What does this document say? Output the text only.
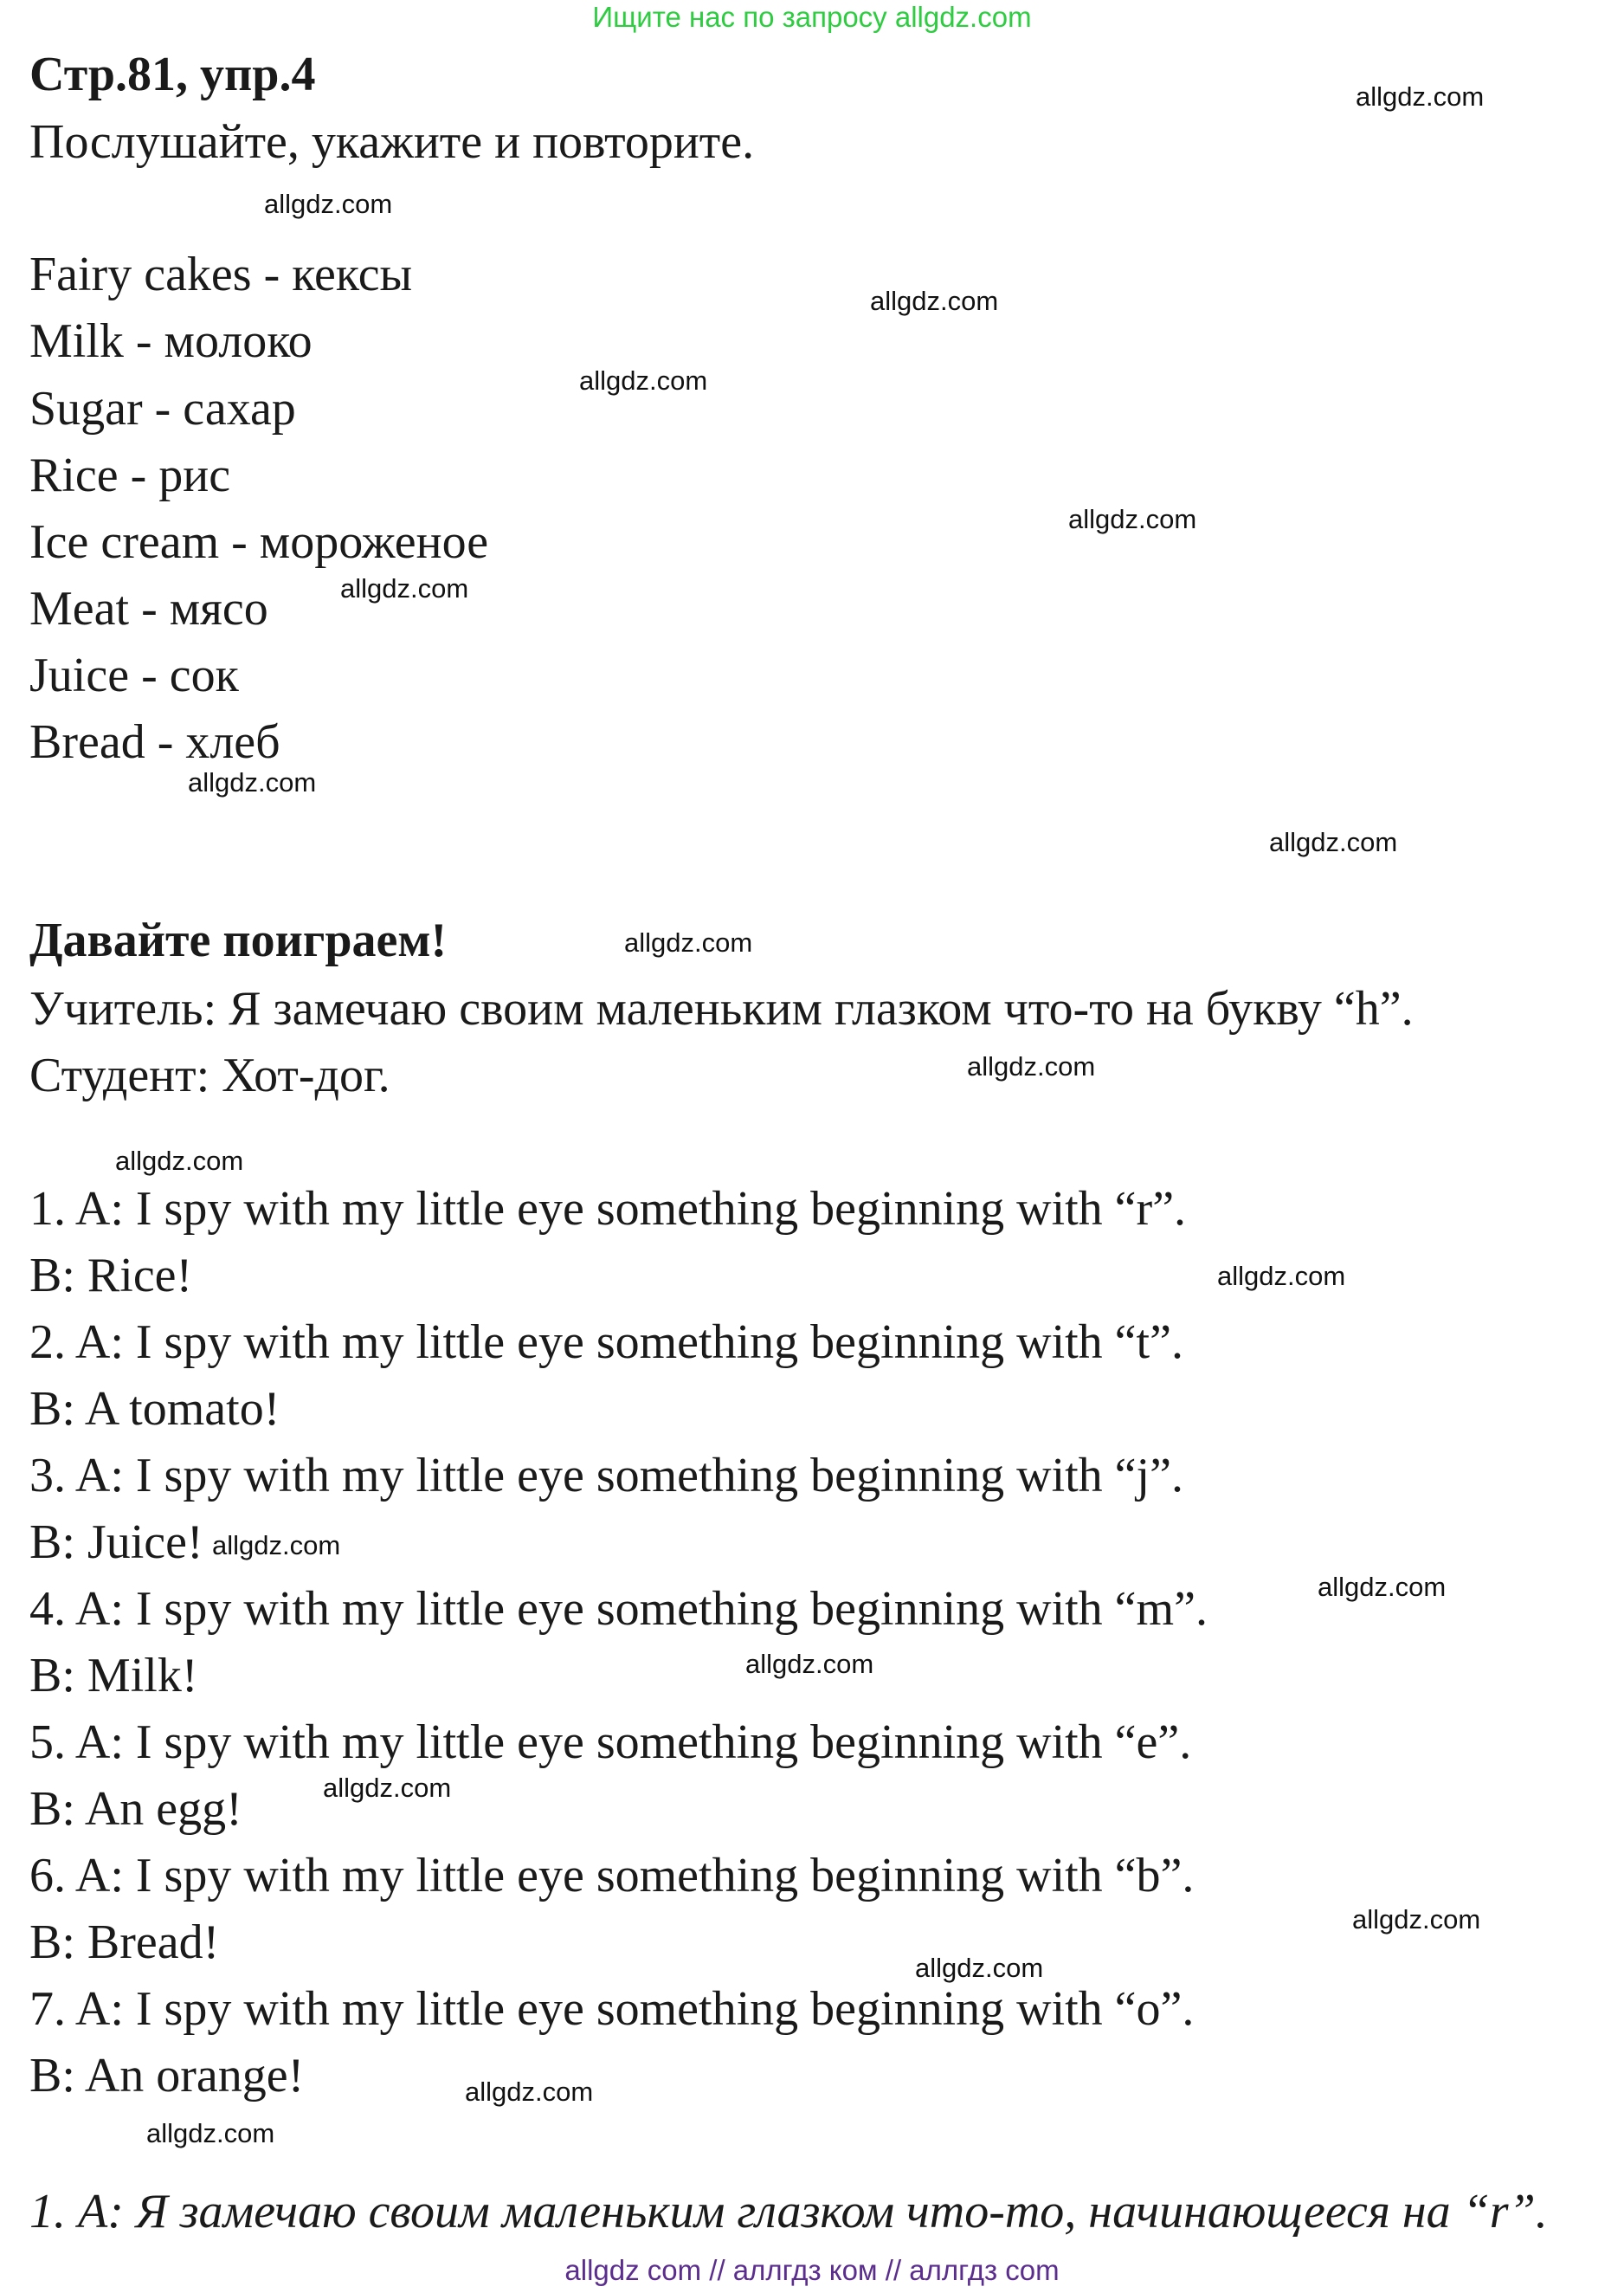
Ищите нас по запросу allgdz.com
Стр.81, упр.4
Послушайте, укажите и повторите.
Fairy cakes - кексы
Milk - молоко
Sugar - сахар
Rice - рис
Ice cream - мороженое
Meat - мясо
Juice - сок
Bread - хлеб
Давайте поиграем!
Учитель: Я замечаю своим маленьким глазком что-то на букву “h”.
Студент: Хот-дог.
1. A: I spy with my little eye something beginning with “r”.
B: Rice!
2. A: I spy with my little eye something beginning with “t”.
B: A tomato!
3. A: I spy with my little eye something beginning with “j”.
B: Juice!
4. A: I spy with my little eye something beginning with “m”.
B: Milk!
5. A: I spy with my little eye something beginning with “e”.
B: An egg!
6. A: I spy with my little eye something beginning with “b”.
B: Bread!
7. A: I spy with my little eye something beginning with “o”.
B: An orange!
1. А: Я замечаю своим маленьким глазком что-то, начинающееся на “r”.
allgdz.com
allgdz.com
allgdz.com
allgdz.com
allgdz.com
allgdz.com
allgdz.com
allgdz.com
allgdz.com
allgdz.com
allgdz.com
allgdz.com
allgdz.com
allgdz.com
allgdz.com
allgdz.com
allgdz.com
allgdz.com
allgdz.com
allgdz.com
allgdz com // аллгдз ком // аллгдз com
